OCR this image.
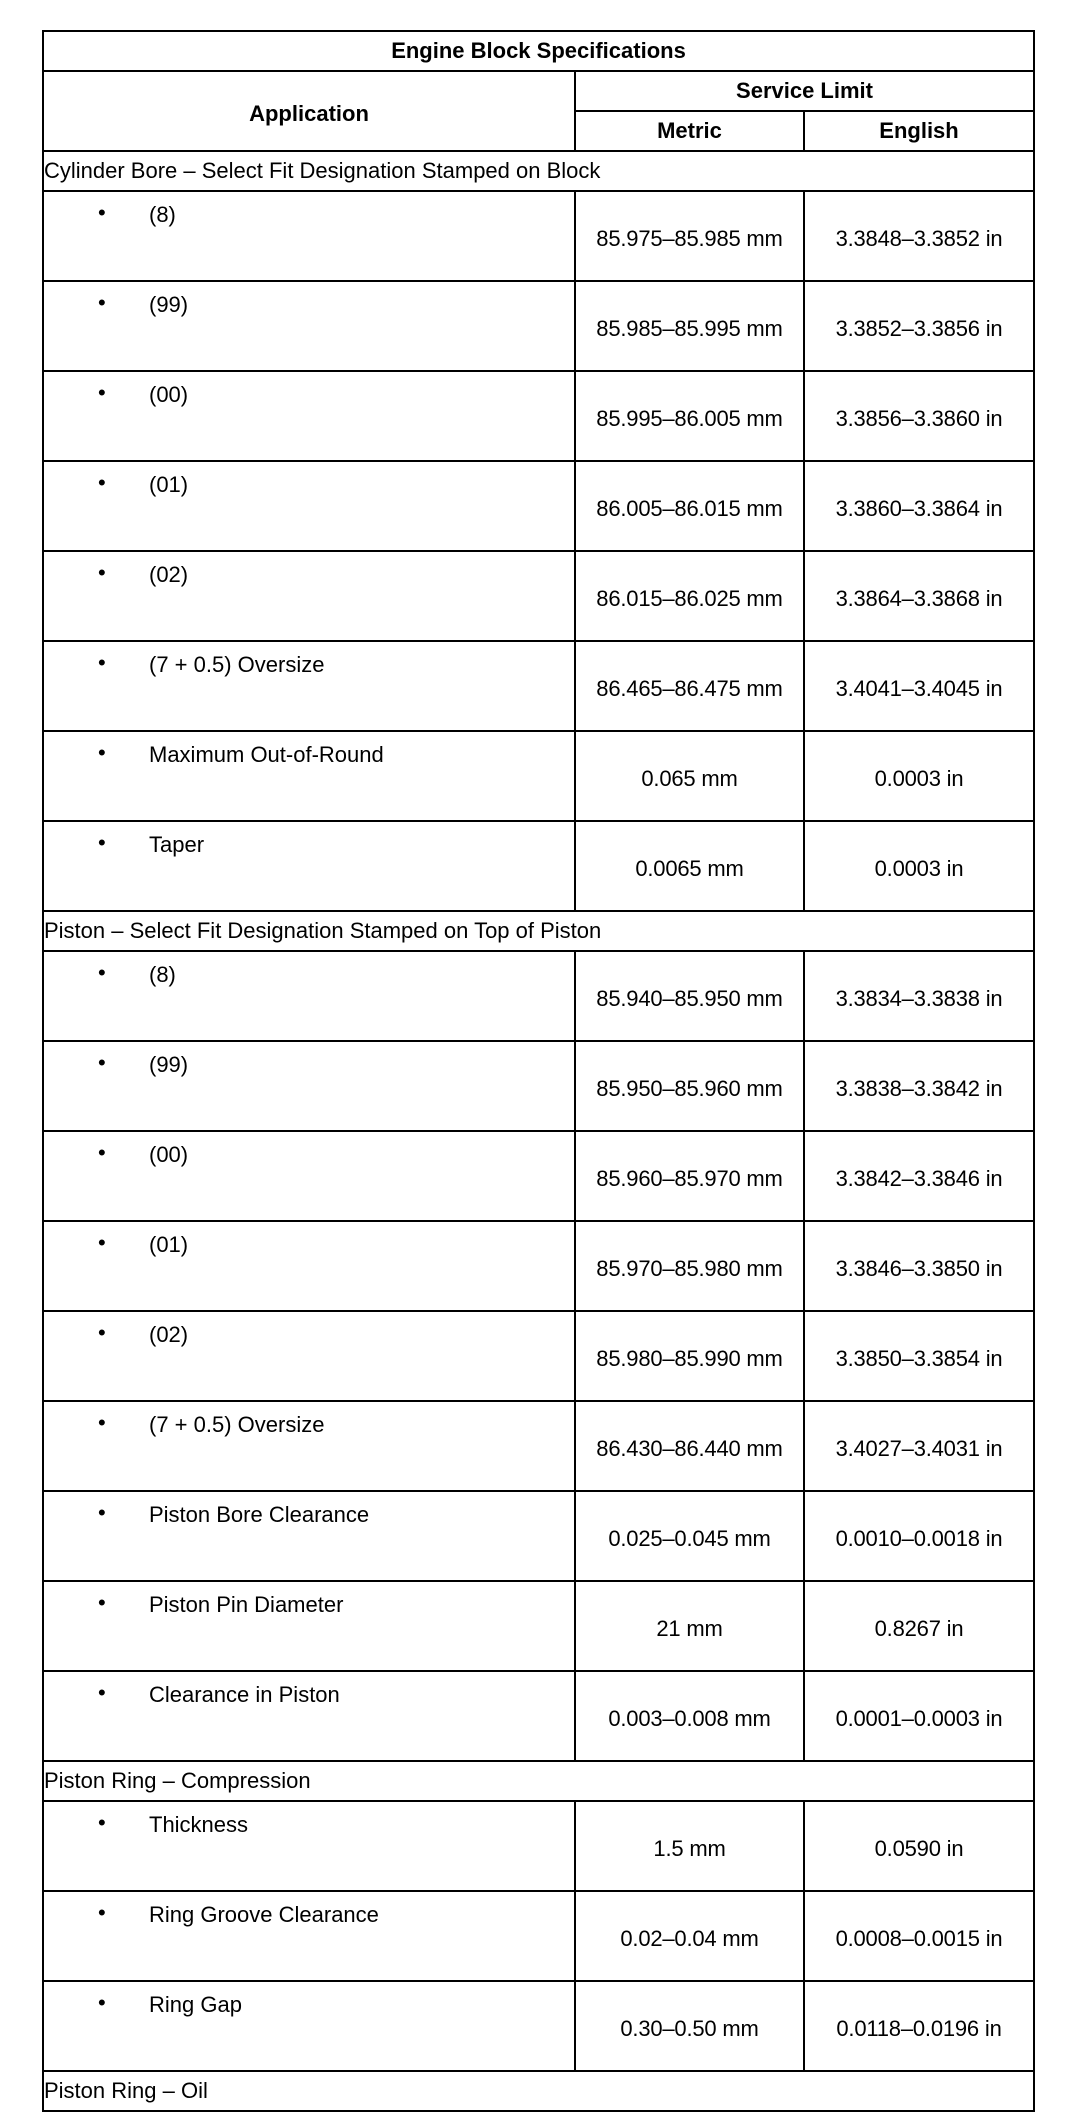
Engine Block Specifications		
Application	Service Limit	
	Metric	English
Cylinder Bore – Select Fit Designation Stamped on Block		

• (8)	85.975–85.985 mm	3.3848–3.3852 in

• (99)	85.985–85.995 mm	3.3852–3.3856 in

• (00)	85.995–86.005 mm	3.3856–3.3860 in

• (01)	86.005–86.015 mm	3.3860–3.3864 in

• (02)	86.015–86.025 mm	3.3864–3.3868 in

• (7 + 0.5) Oversize	86.465–86.475 mm	3.4041–3.4045 in

• Maximum Out-of-Round	0.065 mm	0.0003 in

• Taper	0.0065 mm	0.0003 in
Piston – Select Fit Designation Stamped on Top of Piston		

• (8)	85.940–85.950 mm	3.3834–3.3838 in

• (99)	85.950–85.960 mm	3.3838–3.3842 in

• (00)	85.960–85.970 mm	3.3842–3.3846 in

• (01)	85.970–85.980 mm	3.3846–3.3850 in

• (02)	85.980–85.990 mm	3.3850–3.3854 in

• (7 + 0.5) Oversize	86.430–86.440 mm	3.4027–3.4031 in

• Piston Bore Clearance	0.025–0.045 mm	0.0010–0.0018 in

• Piston Pin Diameter	21 mm	0.8267 in

• Clearance in Piston	0.003–0.008 mm	0.0001–0.0003 in
Piston Ring – Compression		

• Thickness	1.5 mm	0.0590 in

• Ring Groove Clearance	0.02–0.04 mm	0.0008–0.0015 in

• Ring Gap	0.30–0.50 mm	0.0118–0.0196 in
Piston Ring – Oil		
